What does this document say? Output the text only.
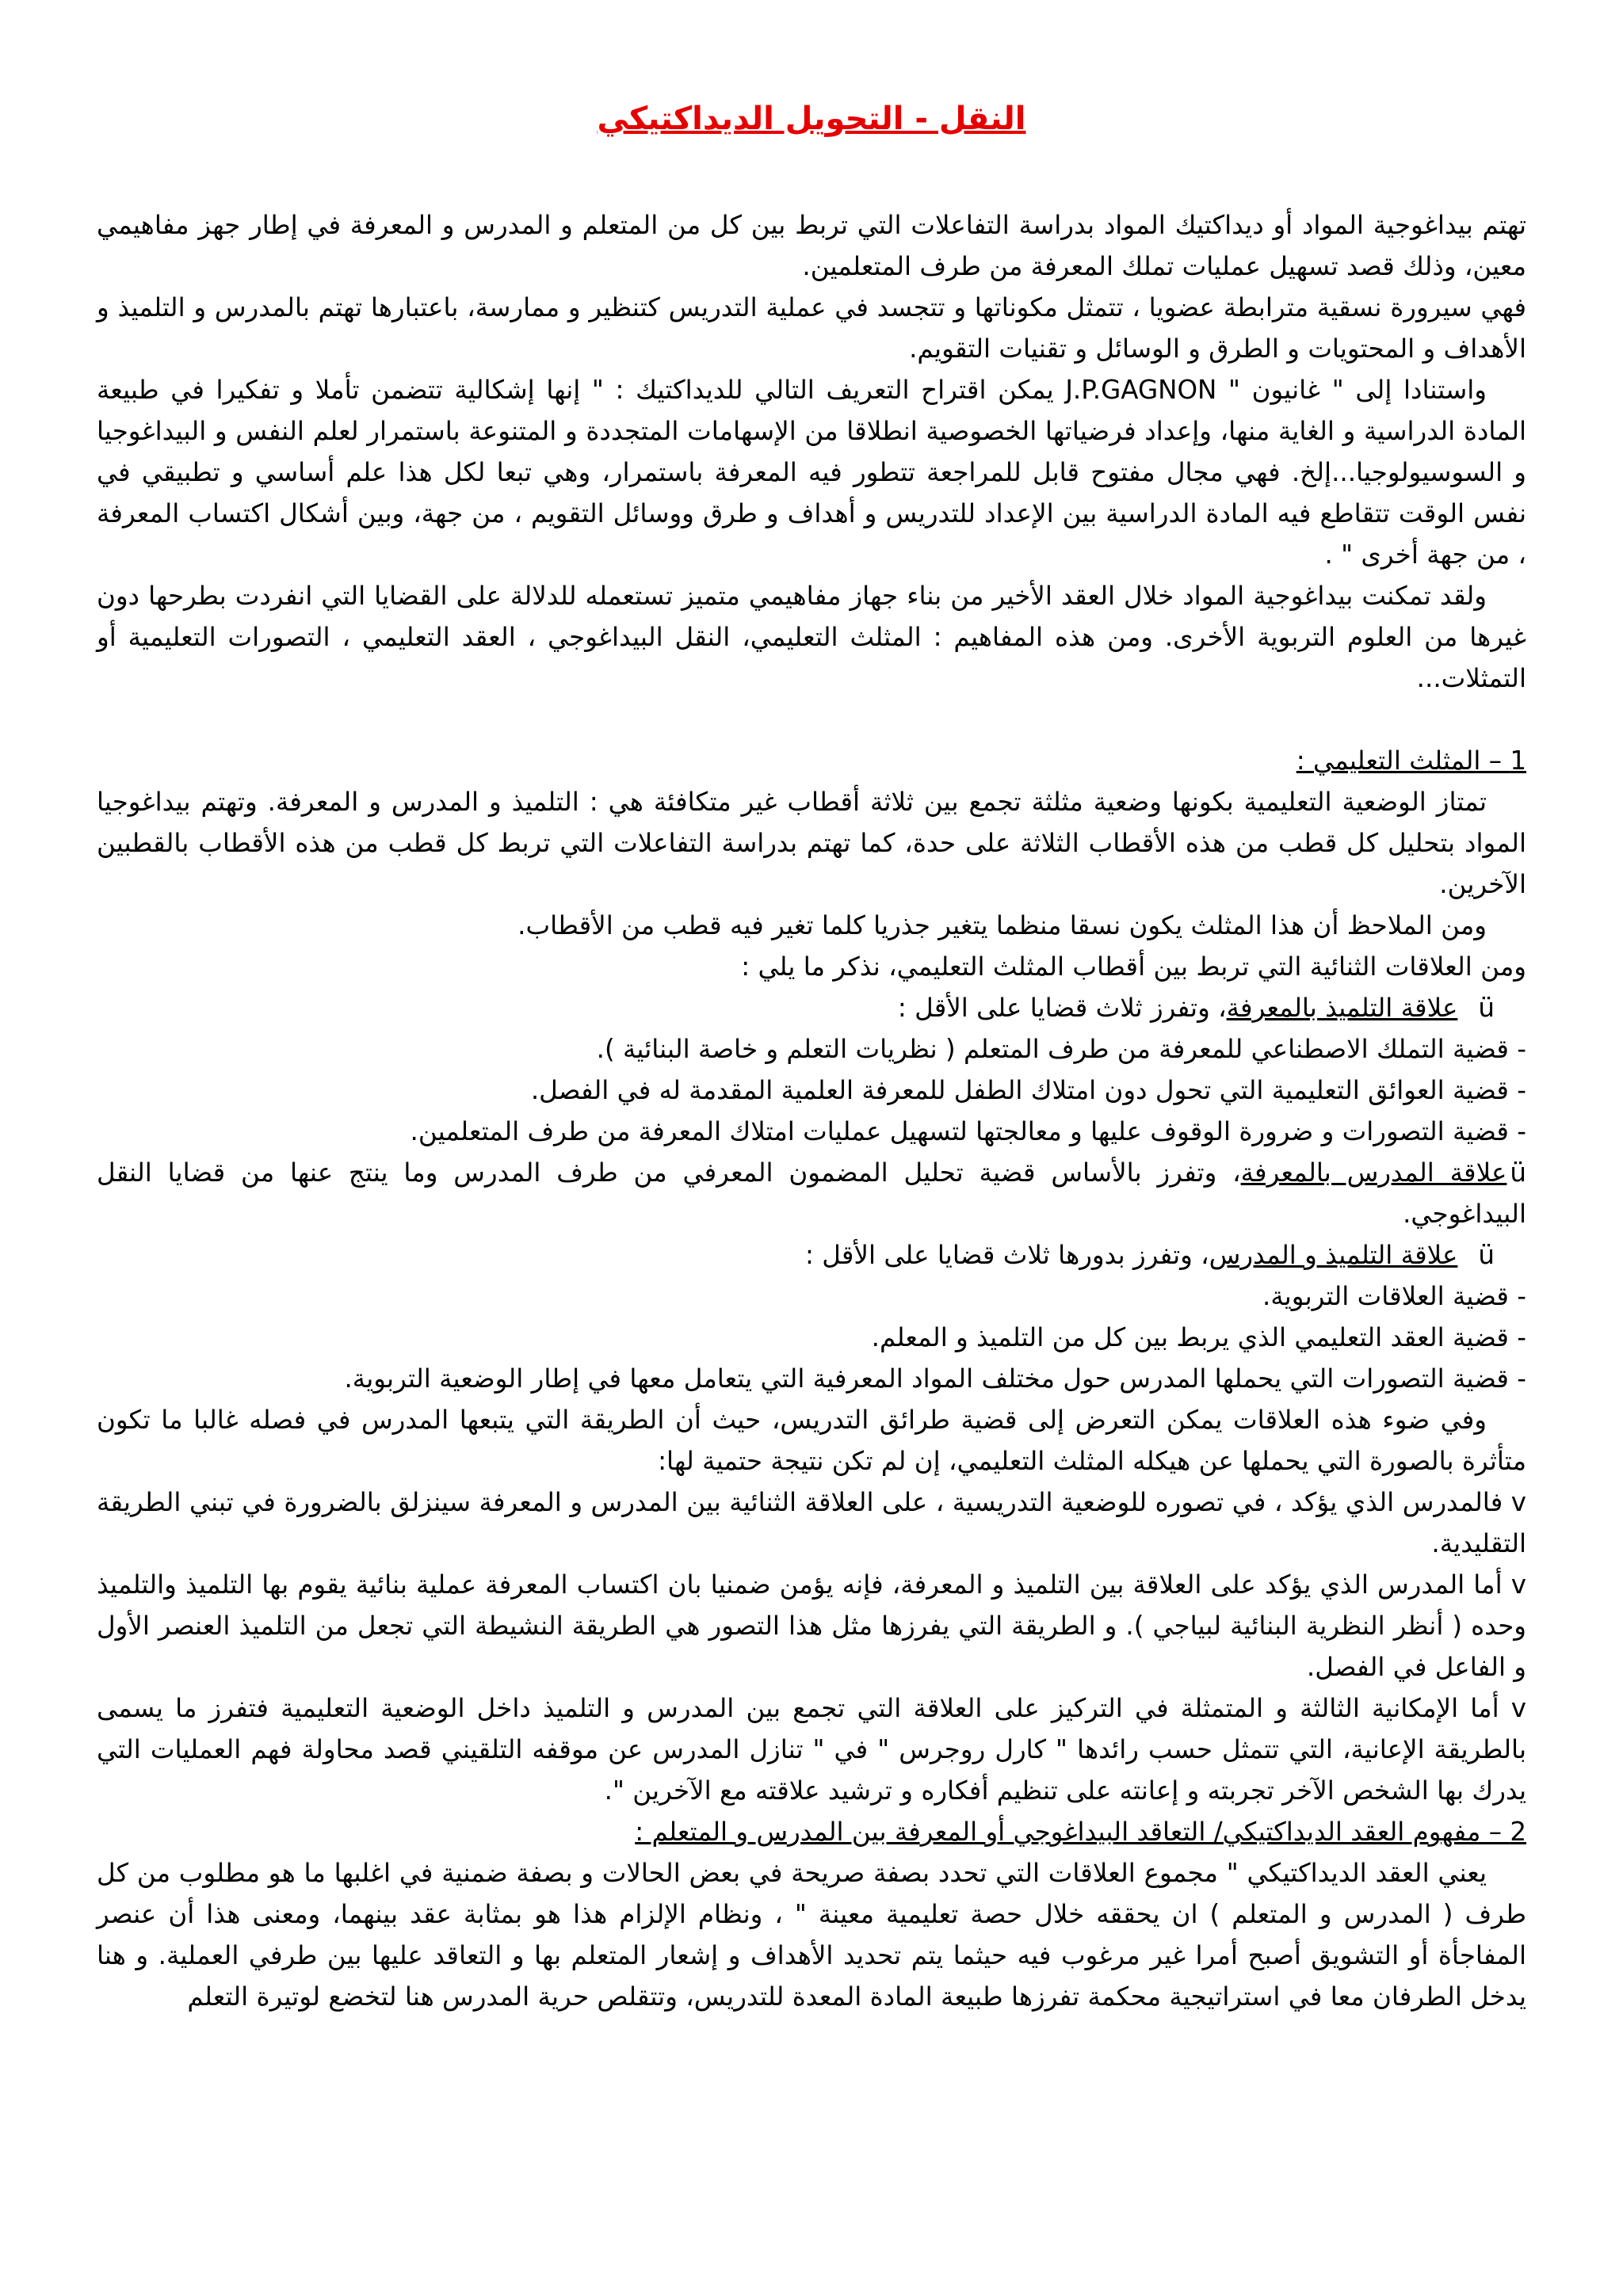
النقل - التحويل الديداكتيكي

تهتم بيداغوجية المواد أو ديداكتيك المواد بدراسة التفاعلات التي تربط بين كل من المتعلم و المدرس و المعرفة في إطار جهز مفاهيمي معين، وذلك قصد تسهيل عمليات تملك المعرفة من طرف المتعلمين.

فهي سيرورة نسقية مترابطة عضويا ، تتمثل مكوناتها و تتجسد في عملية التدريس كتنظير و ممارسة، باعتبارها تهتم بالمدرس و التلميذ و الأهداف و المحتويات و الطرق و الوسائل و تقنيات التقويم.

واستنادا إلى " غانيون " J.P.GAGNON يمكن اقتراح التعريف التالي للديداكتيك : " إنها إشكالية تتضمن تأملا و تفكيرا في طبيعة المادة الدراسية و الغاية منها، وإعداد فرضياتها الخصوصية انطلاقا من الإسهامات المتجددة و المتنوعة باستمرار لعلم النفس و البيداغوجيا و السوسيولوجيا...إلخ. فهي مجال مفتوح قابل للمراجعة تتطور فيه المعرفة باستمرار، وهي تبعا لكل هذا علم أساسي و تطبيقي في نفس الوقت تتقاطع فيه المادة الدراسية بين الإعداد للتدريس و أهداف و طرق ووسائل التقويم ، من جهة، وبين أشكال اكتساب المعرفة ، من جهة أخرى " .

ولقد تمكنت بيداغوجية المواد خلال العقد الأخير من بناء جهاز مفاهيمي متميز تستعمله للدلالة على القضايا التي انفردت بطرحها دون غيرها من العلوم التربوية الأخرى. ومن هذه المفاهيم : المثلث التعليمي، النقل البيداغوجي ، العقد التعليمي ، التصورات التعليمية أو التمثلات...

1 – المثلث التعليمي :

تمتاز الوضعية التعليمية بكونها وضعية مثلثة تجمع بين ثلاثة أقطاب غير متكافئة هي : التلميذ و المدرس و المعرفة. وتهتم بيداغوجيا المواد بتحليل كل قطب من هذه الأقطاب الثلاثة على حدة، كما تهتم بدراسة التفاعلات التي تربط كل قطب من هذه الأقطاب بالقطبين الآخرين.

ومن الملاحظ أن هذا المثلث يكون نسقا منظما يتغير جذريا كلما تغير فيه قطب من الأقطاب.

ومن العلاقات الثنائية التي تربط بين أقطاب المثلث التعليمي، نذكر ما يلي :

üعلاقة التلميذ بالمعرفة، وتفرز ثلاث قضايا على الأقل :

- قضية التملك الاصطناعي للمعرفة من طرف المتعلم ( نظريات التعلم و خاصة البنائية ).

- قضية العوائق التعليمية التي تحول دون امتلاك الطفل للمعرفة العلمية المقدمة له في الفصل.

- قضية التصورات و ضرورة الوقوف عليها و معالجتها لتسهيل عمليات امتلاك المعرفة من طرف المتعلمين.

üعلاقة المدرس بالمعرفة، وتفرز بالأساس قضية تحليل المضمون المعرفي من طرف المدرس وما ينتج عنها من قضايا النقل البيداغوجي.

üعلاقة التلميذ و المدرس، وتفرز بدورها ثلاث قضايا على الأقل :

- قضية العلاقات التربوية.

- قضية العقد التعليمي الذي يربط بين كل من التلميذ و المعلم.

- قضية التصورات التي يحملها المدرس حول مختلف المواد المعرفية التي يتعامل معها في إطار الوضعية التربوية.

وفي ضوء هذه العلاقات يمكن التعرض إلى قضية طرائق التدريس، حيث أن الطريقة التي يتبعها المدرس في فصله غالبا ما تكون متأثرة بالصورة التي يحملها عن هيكله المثلث التعليمي، إن لم تكن نتيجة حتمية لها:

v فالمدرس الذي يؤكد ، في تصوره للوضعية التدريسية ، على العلاقة الثنائية بين المدرس و المعرفة سينزلق بالضرورة في تبني الطريقة التقليدية.

v أما المدرس الذي يؤكد على العلاقة بين التلميذ و المعرفة، فإنه يؤمن ضمنيا بان اكتساب المعرفة عملية بنائية يقوم بها التلميذ والتلميذ وحده ( أنظر النظرية البنائية لبياجي ). و الطريقة التي يفرزها مثل هذا التصور هي الطريقة النشيطة التي تجعل من التلميذ العنصر الأول و الفاعل في الفصل.

v أما الإمكانية الثالثة و المتمثلة في التركيز على العلاقة التي تجمع بين المدرس و التلميذ داخل الوضعية التعليمية فتفرز ما يسمى بالطريقة الإعانية، التي تتمثل حسب رائدها " كارل روجرس " في " تنازل المدرس عن موقفه التلقيني قصد محاولة فهم العمليات التي يدرك بها الشخص الآخر تجربته و إعانته على تنظيم أفكاره و ترشيد علاقته مع الآخرين ".

2 – مفهوم العقد الديداكتيكي/ التعاقد البيداغوجي أو المعرفة بين المدرس و المتعلم :

يعني العقد الديداكتيكي " مجموع العلاقات التي تحدد بصفة صريحة في بعض الحالات و بصفة ضمنية في اغلبها ما هو مطلوب من كل طرف ( المدرس و المتعلم ) ان يحققه خلال حصة تعليمية معينة " ، ونظام الإلزام هذا هو بمثابة عقد بينهما، ومعنى هذا أن عنصر المفاجأة أو التشويق أصبح أمرا غير مرغوب فيه حيثما يتم تحديد الأهداف و إشعار المتعلم بها و التعاقد عليها بين طرفي العملية. و هنا يدخل الطرفان معا في استراتيجية محكمة تفرزها طبيعة المادة المعدة للتدريس، وتتقلص حرية المدرس هنا لتخضع لوتيرة التعلم
